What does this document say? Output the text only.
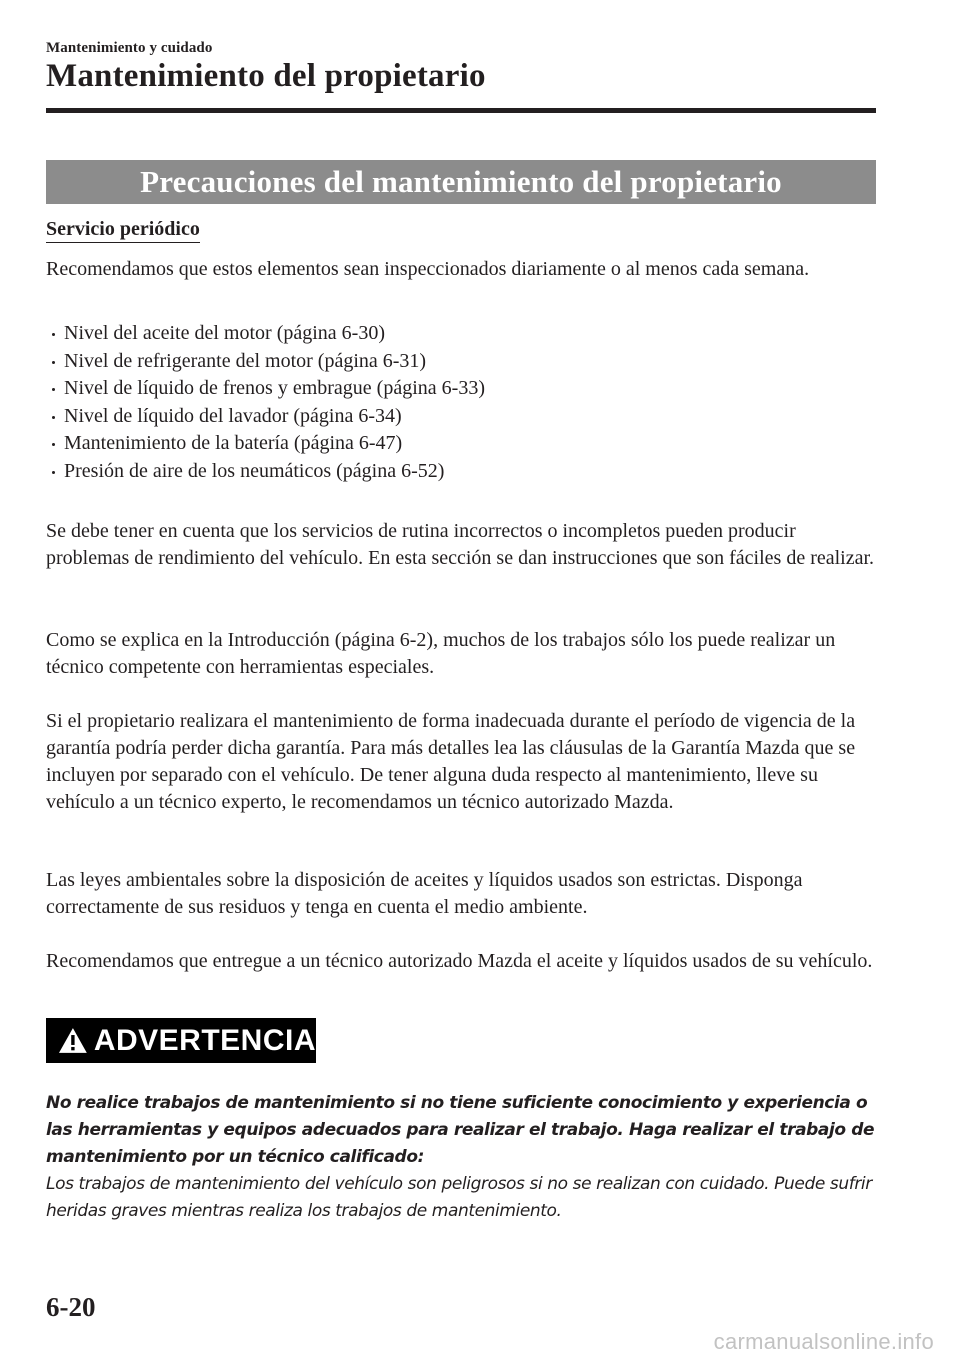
Mantenimiento y cuidado
Mantenimiento del propietario
Precauciones del mantenimiento del propietario
Servicio periódico

Recomendamos que estos elementos sean inspeccionados diariamente o al menos cada semana.

Nivel del aceite del motor (página 6-30)
Nivel de refrigerante del motor (página 6-31)
Nivel de líquido de frenos y embrague (página 6-33)
Nivel de líquido del lavador (página 6-34)
Mantenimiento de la batería (página 6-47)
Presión de aire de los neumáticos (página 6-52)

Se debe tener en cuenta que los servicios de rutina incorrectos o incompletos pueden producir problemas de rendimiento del vehículo. En esta sección se dan instrucciones que son fáciles de realizar.

Como se explica en la Introducción (página 6-2), muchos de los trabajos sólo los puede realizar un técnico competente con herramientas especiales.

Si el propietario realizara el mantenimiento de forma inadecuada durante el período de vigencia de la garantía podría perder dicha garantía. Para más detalles lea las cláusulas de la Garantía Mazda que se incluyen por separado con el vehículo. De tener alguna duda respecto al mantenimiento, lleve su vehículo a un técnico experto, le recomendamos un técnico autorizado Mazda.

Las leyes ambientales sobre la disposición de aceites y líquidos usados son estrictas. Disponga correctamente de sus residuos y tenga en cuenta el medio ambiente.

Recomendamos que entregue a un técnico autorizado Mazda el aceite y líquidos usados de su vehículo.

ADVERTENCIA
No realice trabajos de mantenimiento si no tiene suficiente conocimiento y experiencia o las herramientas y equipos adecuados para realizar el trabajo. Haga realizar el trabajo de mantenimiento por un técnico calificado:
Los trabajos de mantenimiento del vehículo son peligrosos si no se realizan con cuidado. Puede sufrir heridas graves mientras realiza los trabajos de mantenimiento.
6-20
carmanualsonline.info
